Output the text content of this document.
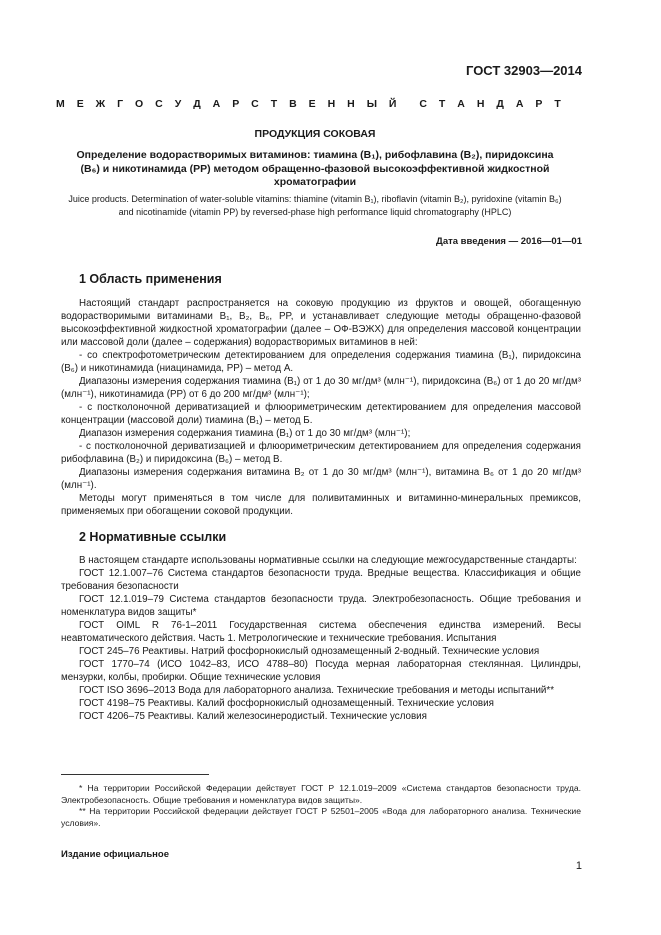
ГОСТ 32903—2014
М Е Ж Г О С У Д А Р С Т В Е Н Н Ы Й С Т А Н Д А Р Т
ПРОДУКЦИЯ СОКОВАЯ
Определение водорастворимых витаминов: тиамина (B₁), рибофлавина (B₂), пиридоксина (B₆) и никотинамида (PP) методом обращенно-фазовой высокоэффективной жидкостной хроматографии
Juice products. Determination of water-soluble vitamins: thiamine (vitamin B₁), riboflavin (vitamin B₂), pyridoxine (vitamin B₆) and nicotinamide (vitamin PP) by reversed-phase high performance liquid chromatography (HPLC)
Дата введения — 2016—01—01
1 Область применения

Настоящий стандарт распространяется на соковую продукцию из фруктов и овощей, обогащенную водорастворимыми витаминами B₁, B₂, B₆, PP, и устанавливает следующие методы обращенно-фазовой высокоэффективной жидкостной хроматографии (далее – ОФ-ВЭЖХ) для определения массовой концентрации или массовой доли (далее – содержания) водорастворимых витаминов в ней:

- со спектрофотометрическим детектированием для определения содержания тиамина (B₁), пиридоксина (B₆) и никотинамида (ниацинамида, PP) – метод А.

Диапазоны измерения содержания тиамина (B₁) от 1 до 30 мг/дм³ (млн⁻¹), пиридоксина (B₆) от 1 до 20 мг/дм³ (млн⁻¹), никотинамида (PP) от 6 до 200 мг/дм³ (млн⁻¹);

- с постколоночной дериватизацией и флюориметрическим детектированием для определения массовой концентрации (массовой доли) тиамина (B₁) – метод Б.

Диапазон измерения содержания тиамина (B₁) от 1 до 30 мг/дм³ (млн⁻¹);

- с постколоночной дериватизацией и флюориметрическим детектированием для определения содержания рибофлавина (B₂) и пиридоксина (B₆) – метод В.

Диапазоны измерения содержания витамина B₂ от 1 до 30 мг/дм³ (млн⁻¹), витамина B₆ от 1 до 20 мг/дм³ (млн⁻¹).

Методы могут применяться в том числе для поливитаминных и витаминно-минеральных премиксов, применяемых при обогащении соковой продукции.

2 Нормативные ссылки

В настоящем стандарте использованы нормативные ссылки на следующие межгосударственные стандарты:

ГОСТ 12.1.007–76 Система стандартов безопасности труда. Вредные вещества. Классификация и общие требования безопасности

ГОСТ 12.1.019–79 Система стандартов безопасности труда. Электробезопасность. Общие требования и номенклатура видов защиты*

ГОСТ OIML R 76-1–2011 Государственная система обеспечения единства измерений. Весы неавтоматического действия. Часть 1. Метрологические и технические требования. Испытания

ГОСТ 245–76 Реактивы. Натрий фосфорнокислый однозамещенный 2-водный. Технические условия

ГОСТ 1770–74 (ИСО 1042–83, ИСО 4788–80) Посуда мерная лабораторная стеклянная. Цилиндры, мензурки, колбы, пробирки. Общие технические условия

ГОСТ ISO 3696–2013 Вода для лабораторного анализа. Технические требования и методы испытаний**

ГОСТ 4198–75 Реактивы. Калий фосфорнокислый однозамещенный. Технические условия

ГОСТ 4206–75 Реактивы. Калий железосинеродистый. Технические условия

* На территории Российской Федерации действует ГОСТ Р 12.1.019–2009 «Система стандартов безопасности труда. Электробезопасность. Общие требования и номенклатура видов защиты».

** На территории Российской федерации действует ГОСТ Р 52501–2005 «Вода для лабораторного анализа. Технические условия».

Издание официальное
1
